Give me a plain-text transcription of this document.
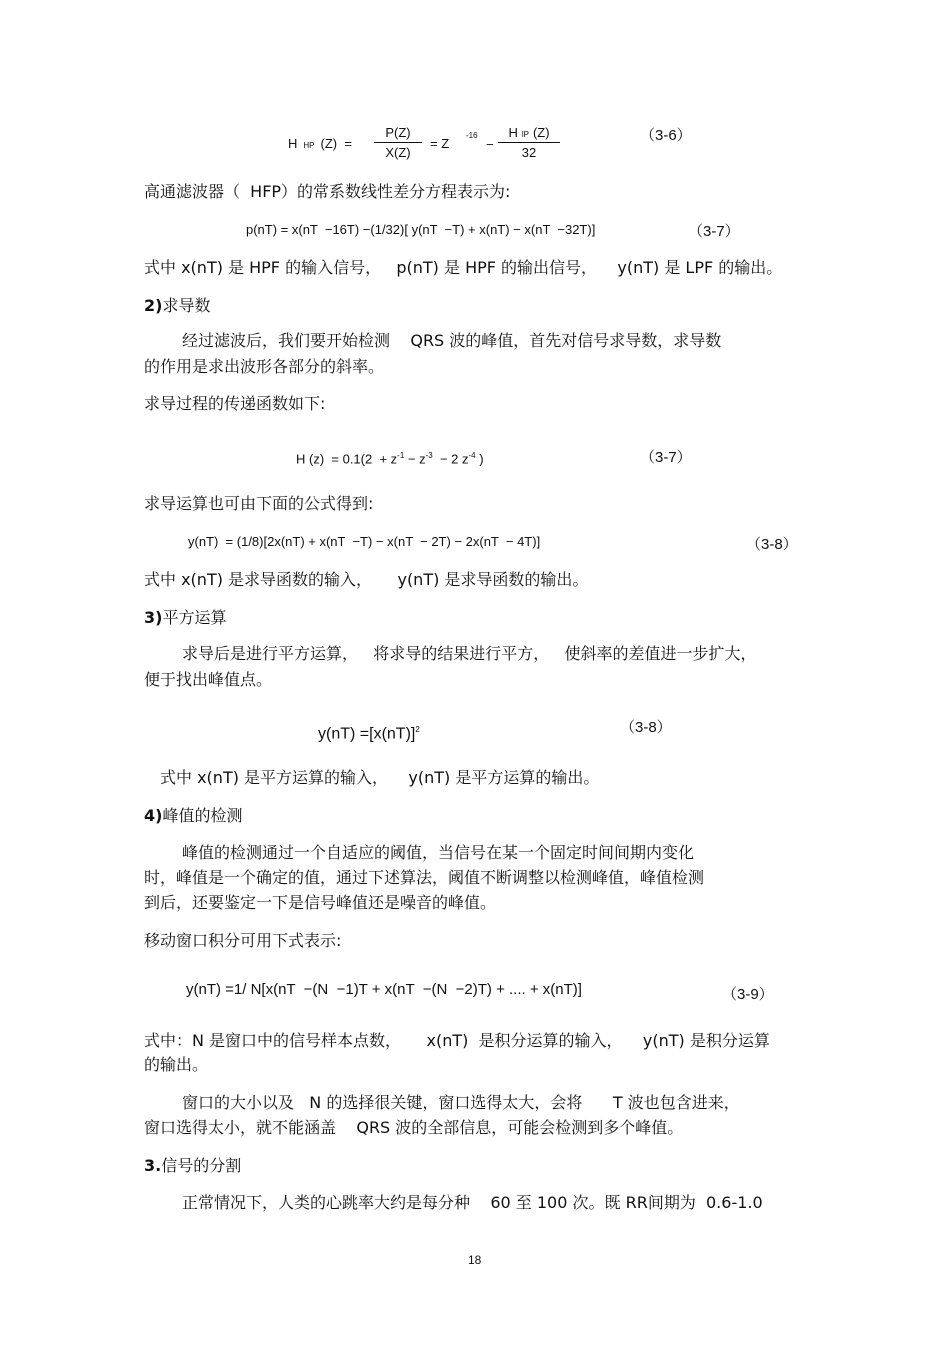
HHP (Z)  =
P(Z)
X(Z)
= Z
-16
−
HlP (Z)
32
（3-6）
高通滤波器（  HFP）的常系数线性差分方程表示为:
p(nT) = x(nT  −16T) −(1/32)[ y(nT  −T) + x(nT) − x(nT  −32T)]	（3-7）
式中 x(nT) 是 HPF 的输入信号，   p(nT) 是 HPF 的输出信号，    y(nT) 是 LPF 的输出。
2)求导数
经过滤波后，我们要开始检测    QRS 波的峰值，首先对信号求导数，求导数
的作用是求出波形各部分的斜率。
求导过程的传递函数如下:
H $(z) = 0.1(2 + z^{-1} - z^{-3} - 2$ $z^{-4}$ )	（3-7）
求导运算也可由下面的公式得到:
y(nT)  = (1/8)[2x(nT) + x(nT  −T) − x(nT  − 2T) − 2x(nT  − 4T)]	（3-8）
式中 x(nT) 是求导函数的输入，     y(nT) 是求导函数的输出。
3)平方运算
求导后是进行平方运算，   将求导的结果进行平方，   使斜率的差值进一步扩大，
便于找出峰值点。
$y(nT) =[x(nT)]^2$	（3-8）
式中 x(nT) 是平方运算的输入，    y(nT) 是平方运算的输出。
4)峰值的检测
峰值的检测通过一个自适应的阈值，当信号在某一个固定时间间期内变化
时，峰值是一个确定的值，通过下述算法，阈值不断调整以检测峰值，峰值检测
到后，还要鉴定一下是信号峰值还是噪音的峰值。
移动窗口积分可用下式表示:
y(nT) =1/ N[x(nT  −(N  −1)T + x(nT  −(N  −2)T) + .... + x(nT)]	（3-9）
式中：N 是窗口中的信号样本点数，     x(nT)  是积分运算的输入，    y(nT) 是积分运算
的输出。
窗口的大小以及   N 的选择很关键，窗口选得太大，会将      T 波也包含进来，
窗口选得太小，就不能涵盖    QRS 波的全部信息，可能会检测到多个峰值。
3.信号的分割
正常情况下，人类的心跳率大约是每分种    60 至 100 次。既 RR间期为  0.6-1.0
18
